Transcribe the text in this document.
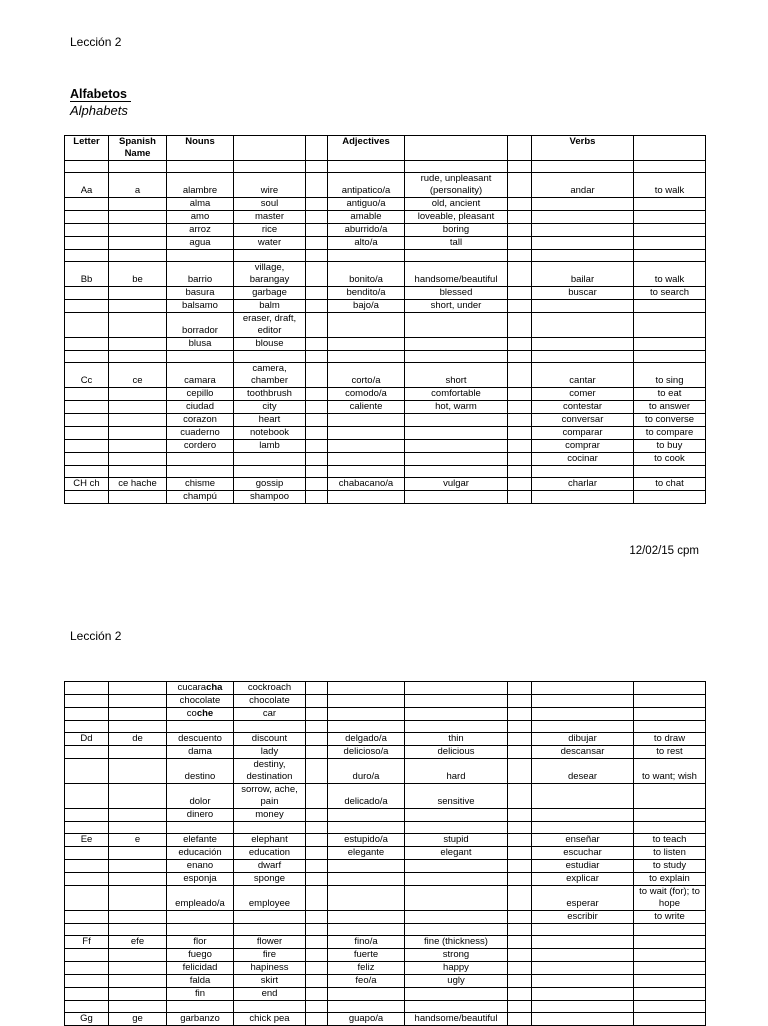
Lección 2
Alfabetos
Alphabets
Letter	Spanish Name	Nouns			Adjectives			Verbs	

Aa	a	alambre	wire		antipatico/a	rude, unpleasant (personality)		andar	to walk
		alma	soul		antiguo/a	old, ancient			
		amo	master		amable	loveable, pleasant			
		arroz	rice		aburrido/a	boring			
		agua	water		alto/a	tall			

Bb	be	barrio	village, barangay		bonito/a	handsome/beautiful		bailar	to walk
		basura	garbage		bendito/a	blessed		buscar	to search
		balsamo	balm		bajo/a	short, under			
		borrador	eraser, draft, editor						
		blusa	blouse						

Cc	ce	camara	camera, chamber		corto/a	short		cantar	to sing
		cepillo	toothbrush		comodo/a	comfortable		comer	to eat
		ciudad	city		caliente	hot, warm		contestar	to answer
		corazon	heart					conversar	to converse
		cuaderno	notebook					comparar	to compare
		cordero	lamb					comprar	to buy
								cocinar	to cook

CH ch	ce hache	chisme	gossip		chabacano/a	vulgar		charlar	to chat
		champú	shampoo						
12/02/15 cpm
Lección 2
		cucaracha	cockroach						
		chocolate	chocolate						
		coche	car						

Dd	de	descuento	discount		delgado/a	thin		dibujar	to draw
		dama	lady		delicioso/a	delicious		descansar	to rest
		destino	destiny, destination		duro/a	hard		desear	to want; wish
		dolor	sorrow, ache, pain		delicado/a	sensitive			
		dinero	money						

Ee	e	elefante	elephant		estupido/a	stupid		enseñar	to teach
		educación	education		elegante	elegant		escuchar	to listen
		enano	dwarf					estudiar	to study
		esponja	sponge					explicar	to explain
		empleado/a	employee					esperar	to wait (for); to hope
								escribir	to write

Ff	efe	flor	flower		fino/a	fine (thickness)			
		fuego	fire		fuerte	strong			
		felicidad	hapiness		feliz	happy			
		falda	skirt		feo/a	ugly			
		fin	end						

Gg	ge	garbanzo	chick pea		guapo/a	handsome/beautiful			
